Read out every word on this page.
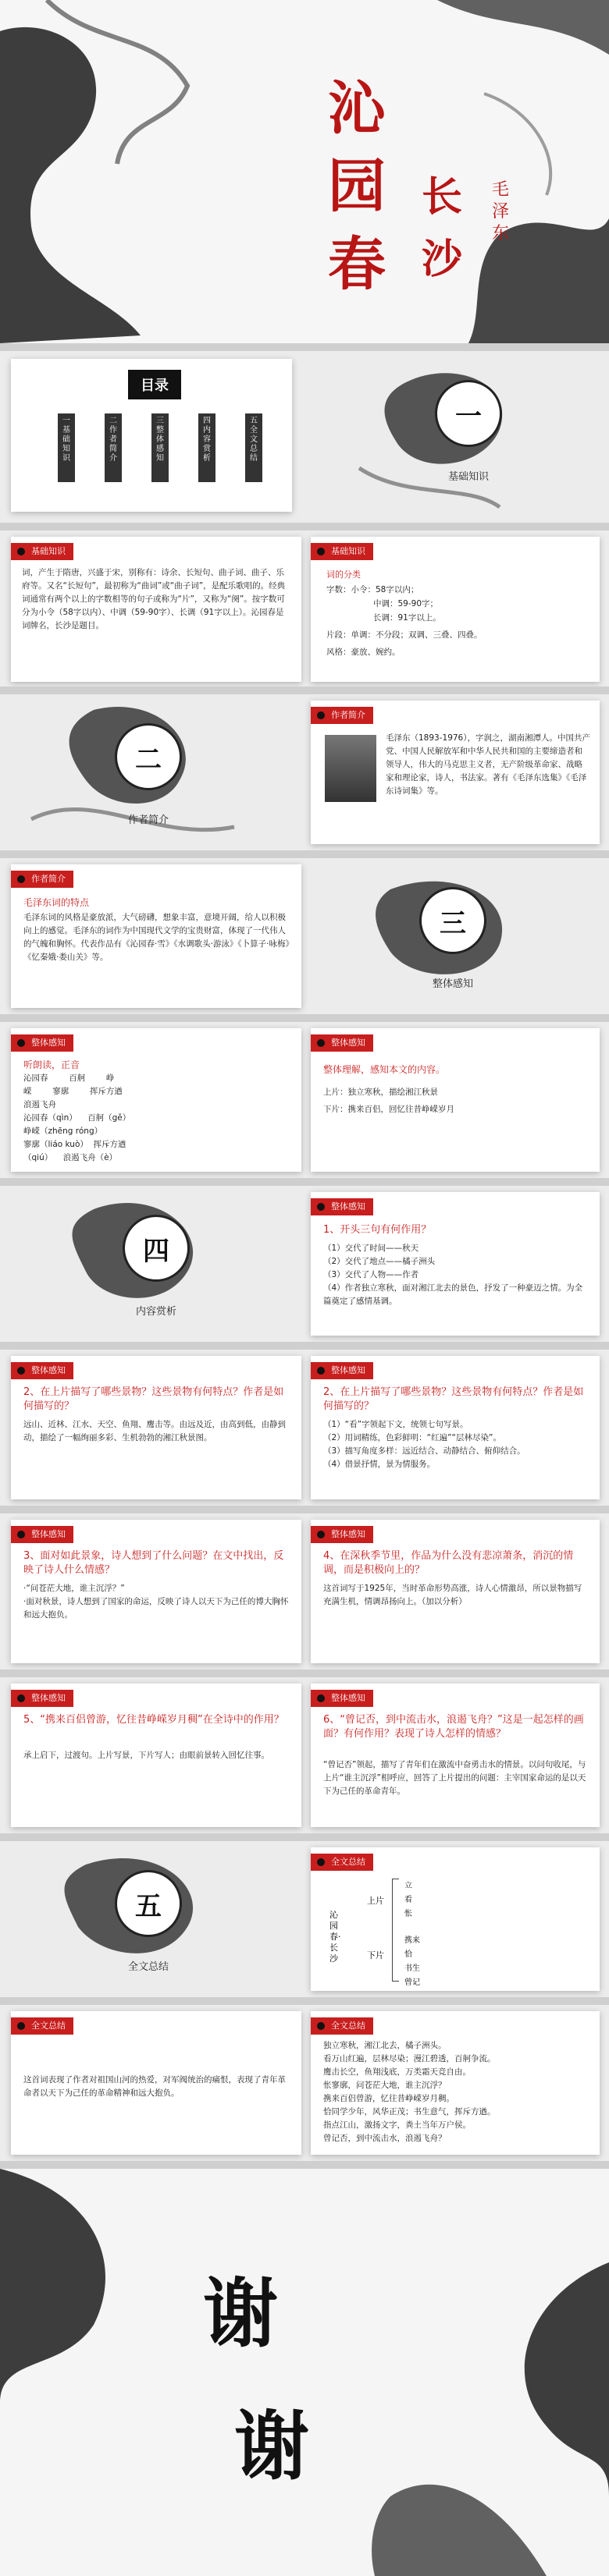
沁
园
春
长
沙
毛泽东
目录
一 基础知识
二 作者简介
三 整体感知
四 内容赏析
五 全文总结
一
基础知识
基础知识
词，产生于隋唐，兴盛于宋，别称有：诗余、长短句、曲子词、曲子、乐府等。又名“长短句”，最初称为“曲词”或“曲子词”，是配乐歌唱的。经典词通常有两个以上的字数相等的句子或称为“片”，又称为“阕”。按字数可分为小令（58字以内）、中调（59-90字）、长调（91字以上）。沁园春是词牌名，长沙是题目。
基础知识
词的分类
字数：小令：58字以内；
中调：59-90字；
长调：91字以上。
片段：单调：不分段；双调、三叠、四叠。
风格：豪放、婉约。
二
作者简介
作者简介
毛泽东（1893-1976），字润之，湖南湘潭人。中国共产党、中国人民解放军和中华人民共和国的主要缔造者和领导人，伟大的马克思主义者，无产阶级革命家、战略家和理论家，诗人，书法家。著有《毛泽东选集》《毛泽东诗词集》等。
作者简介
毛泽东词的特点
毛泽东词的风格是豪放派，大气磅礴，想象丰富，意境开阔，给人以积极向上的感觉。毛泽东的词作为中国现代文学的宝贵财富，体现了一代伟人的气魄和胸怀。代表作品有《沁园春·雪》《水调歌头·游泳》《卜算子·咏梅》《忆秦娥·娄山关》等。
三
整体感知
整体感知
听朗读，正音
沁园春        百舸        峥
嵘        寥廓        挥斥方遒
浪遏飞舟
沁园春（qìn）    百舸（gě）
峥嵘（zhēng róng）
寥廓（liáo kuò）  挥斥方遒
（qiú）    浪遏飞舟（è）
整体感知
整体理解，感知本文的内容。
上片：独立寒秋，描绘湘江秋景
下片：携来百侣，回忆往昔峥嵘岁月
四
内容赏析
整体感知
1、开头三句有何作用？
（1）交代了时间——秋天
（2）交代了地点——橘子洲头
（3）交代了人物——作者
（4）作者独立寒秋，面对湘江北去的景色，抒发了一种豪迈之情。为全篇奠定了感情基调。
整体感知
2、在上片描写了哪些景物？这些景物有何特点？作者是如何描写的？
远山、近林、江水、天空、鱼翔、鹰击等。由远及近，由高到低，由静到动，描绘了一幅绚丽多彩、生机勃勃的湘江秋景图。
整体感知
2、在上片描写了哪些景物？这些景物有何特点？作者是如何描写的？
（1）“看”字领起下文，统领七句写景。
（2）用词精练，色彩鲜明：“红遍”“层林尽染”。
（3）描写角度多样：远近结合、动静结合、俯仰结合。
（4）借景抒情，景为情服务。
整体感知
3、面对如此景象，诗人想到了什么问题？在文中找出，反映了诗人什么情感？
·“问苍茫大地，谁主沉浮？”
·面对秋景，诗人想到了国家的命运，反映了诗人以天下为己任的博大胸怀和远大抱负。
整体感知
4、在深秋季节里，作品为什么没有悲凉萧条，消沉的情调，而是积极向上的？
这首词写于1925年，当时革命形势高涨，诗人心情激昂，所以景物描写充满生机，情调昂扬向上。（加以分析）
整体感知
5、“携来百侣曾游，忆往昔峥嵘岁月稠”在全诗中的作用？
承上启下，过渡句。上片写景，下片写人；由眼前景转入回忆往事。
整体感知
6、“曾记否，到中流击水，浪遏飞舟？”这是一起怎样的画面？有何作用？表现了诗人怎样的情感？
“曾记否”领起，描写了青年们在激流中奋勇击水的情景。以问句收尾，与上片“谁主沉浮”相呼应，回答了上片提出的问题：主宰国家命运的是以天下为己任的革命青年。
五
全文总结
全文总结
沁园春·长沙
上片
下片
立
看
怅
携来
恰
书生
曾记
全文总结
这首词表现了作者对祖国山河的热爱，对军阀统治的痛恨，表现了青年革命者以天下为己任的革命精神和远大抱负。
全文总结
独立寒秋，湘江北去，橘子洲头。
看万山红遍，层林尽染；漫江碧透，百舸争流。
鹰击长空，鱼翔浅底，万类霜天竞自由。
怅寥廓，问苍茫大地，谁主沉浮？
携来百侣曾游，忆往昔峥嵘岁月稠。
恰同学少年，风华正茂；书生意气，挥斥方遒。
指点江山，激扬文字，粪土当年万户侯。
曾记否，到中流击水，浪遏飞舟？
谢
谢
